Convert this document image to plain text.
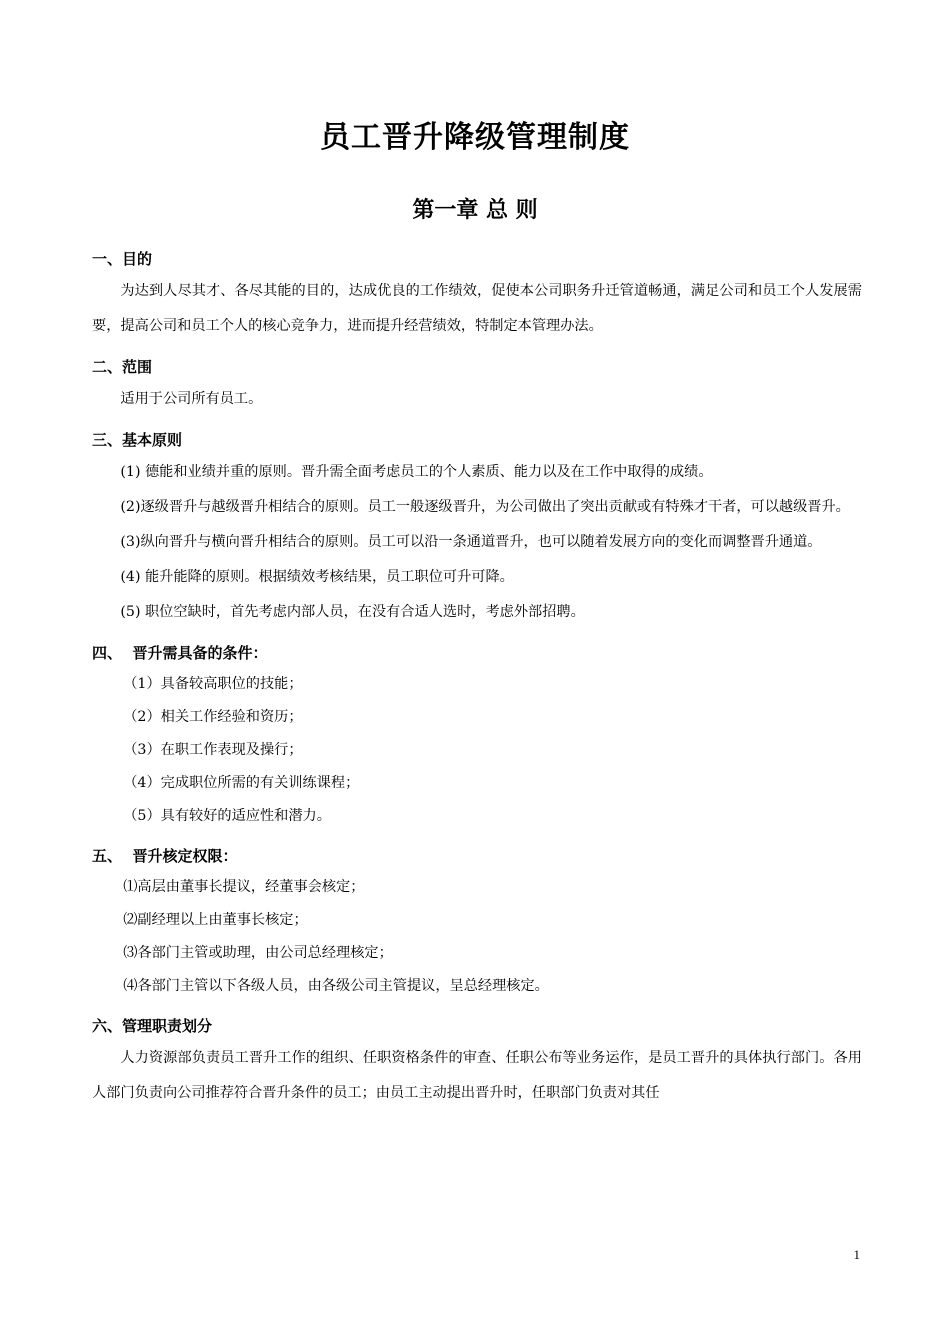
员工晋升降级管理制度
第一章 总 则

一、目的

为达到人尽其才、各尽其能的目的，达成优良的工作绩效，促使本公司职务升迁管道畅通，满足公司和员工个人发展需要，提高公司和员工个人的核心竞争力，进而提升经营绩效，特制定本管理办法。

二、范围

适用于公司所有员工。

三、基本原则

(1) 德能和业绩并重的原则。晋升需全面考虑员工的个人素质、能力以及在工作中取得的成绩。

(2)逐级晋升与越级晋升相结合的原则。员工一般逐级晋升，为公司做出了突出贡献或有特殊才干者，可以越级晋升。

(3)纵向晋升与横向晋升相结合的原则。员工可以沿一条通道晋升，也可以随着发展方向的变化而调整晋升通道。

(4) 能升能降的原则。根据绩效考核结果，员工职位可升可降。

(5) 职位空缺时，首先考虑内部人员，在没有合适人选时，考虑外部招聘。

四、  晋升需具备的条件：

（1）具备较高职位的技能；

（2）相关工作经验和资历；

（3）在职工作表现及操行；

（4）完成职位所需的有关训练课程；

（5）具有较好的适应性和潜力。

五、  晋升核定权限：

⑴高层由董事长提议，经董事会核定；

⑵副经理以上由董事长核定；

⑶各部门主管或助理，由公司总经理核定；

⑷各部门主管以下各级人员，由各级公司主管提议，呈总经理核定。

六、管理职责划分

人力资源部负责员工晋升工作的组织、任职资格条件的审查、任职公布等业务运作，是员工晋升的具体执行部门。各用人部门负责向公司推荐符合晋升条件的员工；由员工主动提出晋升时，任职部门负责对其任

1
